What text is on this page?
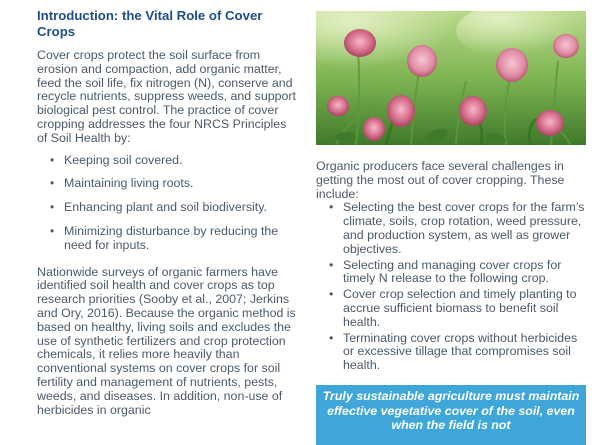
Introduction: the Vital Role of Cover Crops

Cover crops protect the soil surface from erosion and compaction, add organic matter, feed the soil life, fix nitrogen (N), conserve and recycle nutrients, suppress weeds, and support biological pest control. The practice of cover cropping addresses the four NRCS Principles of Soil Health by:

• Keeping soil covered.
• Maintaining living roots.
• Enhancing plant and soil biodiversity.
• Minimizing disturbance by reducing the need for inputs.

Nationwide surveys of organic farmers have identified soil health and cover crops as top research priorities (Sooby et al., 2007; Jerkins and Ory, 2016). Because the organic method is based on healthy, living soils and excludes the use of synthetic fertilizers and crop protection chemicals, it relies more heavily than conventional systems on cover crops for soil fertility and management of nutrients, pests, weeds, and diseases. In addition, non-use of herbicides in organic

Organic producers face several challenges in getting the most out of cover cropping. These include:

• Selecting the best cover crops for the farm’s climate, soils, crop rotation, weed pressure, and production system, as well as grower objectives.
• Selecting and managing cover crops for timely N release to the following crop.
• Cover crop selection and timely planting to accrue sufficient biomass to benefit soil health.
• Terminating cover crops without herbicides or excessive tillage that compromises soil health.
Truly sustainable agriculture must maintain effective vegetative cover of the soil, even when the field is not
